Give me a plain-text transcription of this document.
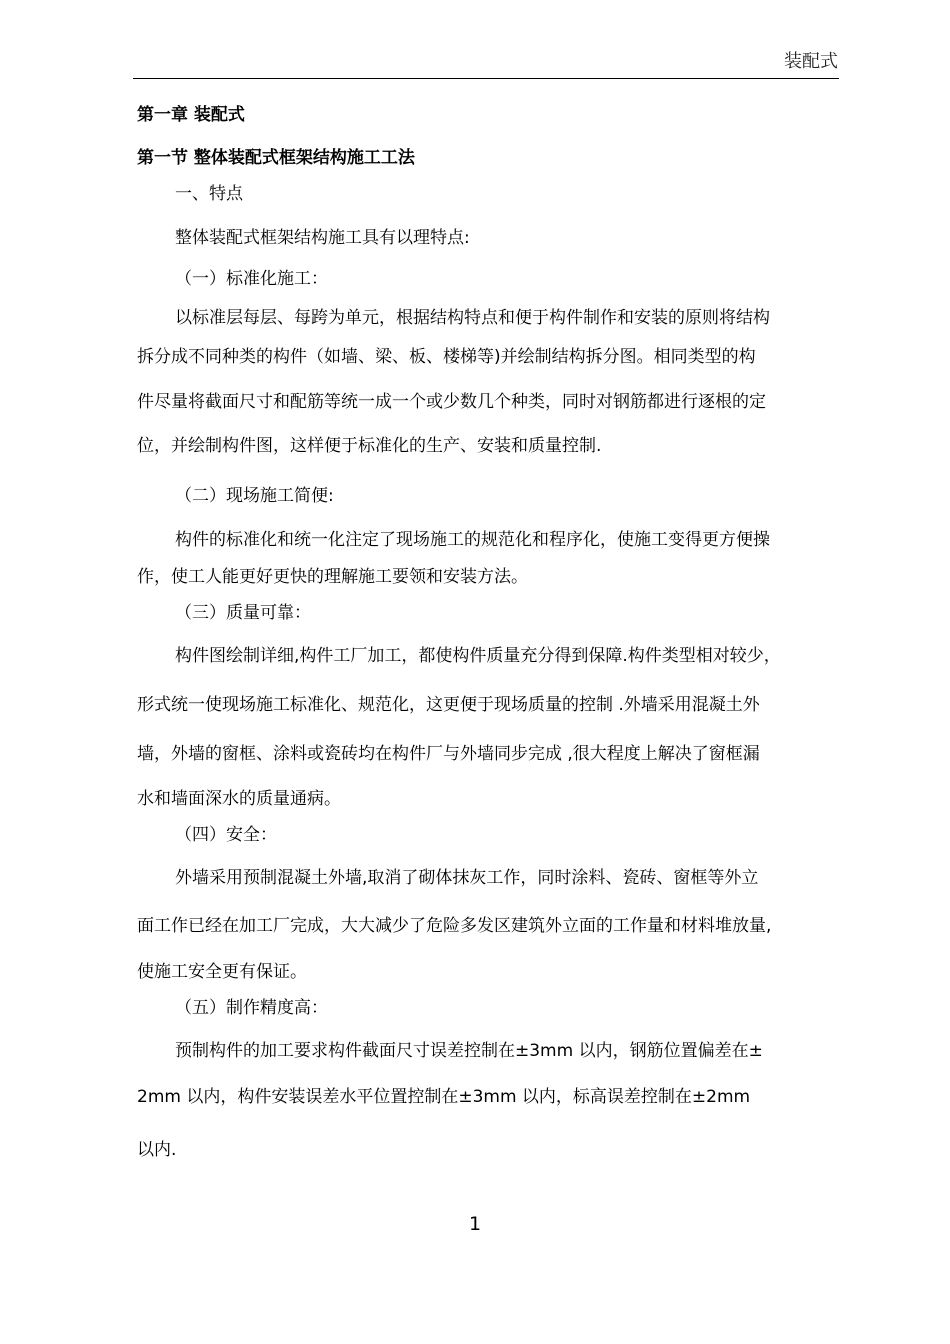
装配式
第一章 装配式
第一节 整体装配式框架结构施工工法
一、特点
整体装配式框架结构施工具有以理特点:
（一）标准化施工：
以标准层每层、每跨为单元，根据结构特点和便于构件制作和安装的原则将结构
拆分成不同种类的构件（如墙、梁、板、楼梯等)并绘制结构拆分图。相同类型的构
件尽量将截面尺寸和配筋等统一成一个或少数几个种类，同时对钢筋都进行逐根的定
位，并绘制构件图，这样便于标准化的生产、安装和质量控制.
（二）现场施工简便:
构件的标准化和统一化注定了现场施工的规范化和程序化，使施工变得更方便操
作，使工人能更好更快的理解施工要领和安装方法。
（三）质量可靠：
构件图绘制详细,构件工厂加工，都使构件质量充分得到保障.构件类型相对较少，
形式统一使现场施工标准化、规范化，这更便于现场质量的控制 .外墙采用混凝土外
墙，外墙的窗框、涂料或瓷砖均在构件厂与外墙同步完成 ,很大程度上解决了窗框漏
水和墙面深水的质量通病。
（四）安全：
外墙采用预制混凝土外墙,取消了砌体抹灰工作，同时涂料、瓷砖、窗框等外立
面工作已经在加工厂完成，大大减少了危险多发区建筑外立面的工作量和材料堆放量,
使施工安全更有保证。
（五）制作精度高：
预制构件的加工要求构件截面尺寸误差控制在±3mm 以内，钢筋位置偏差在±
2mm 以内，构件安装误差水平位置控制在±3mm 以内，标高误差控制在±2mm
以内.
1
